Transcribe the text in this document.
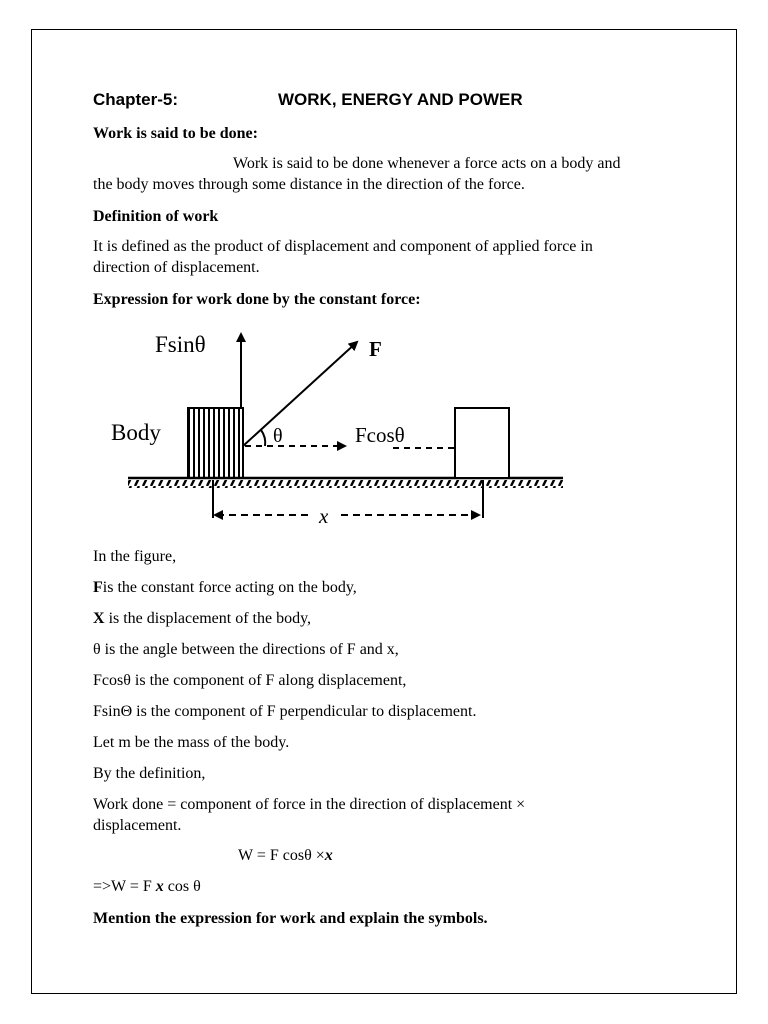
Chapter-5:	WORK, ENERGY AND POWER

Work is said to be done:

Work is said to be done whenever a force acts on a body and

the body moves through some distance in the direction of the force.

Definition of work

It is defined as the product of displacement and component of applied force in

direction of displacement.

Expression for work done by the constant force:

In the figure,

Fis the constant force acting on the body,

X is the displacement of the body,

θ is the angle between the directions of F and x,

Fcosθ is the component of F along displacement,

FsinΘ is the component of F perpendicular to displacement.

Let m be the mass of the body.

By the definition,

Work done = component of force in the direction of displacement ×

displacement.

W = F cosθ ×x

=>W = F x cos θ

Mention the expression for work and explain the symbols.

Fsinθ	F
Body	θ	Fcosθ
x
